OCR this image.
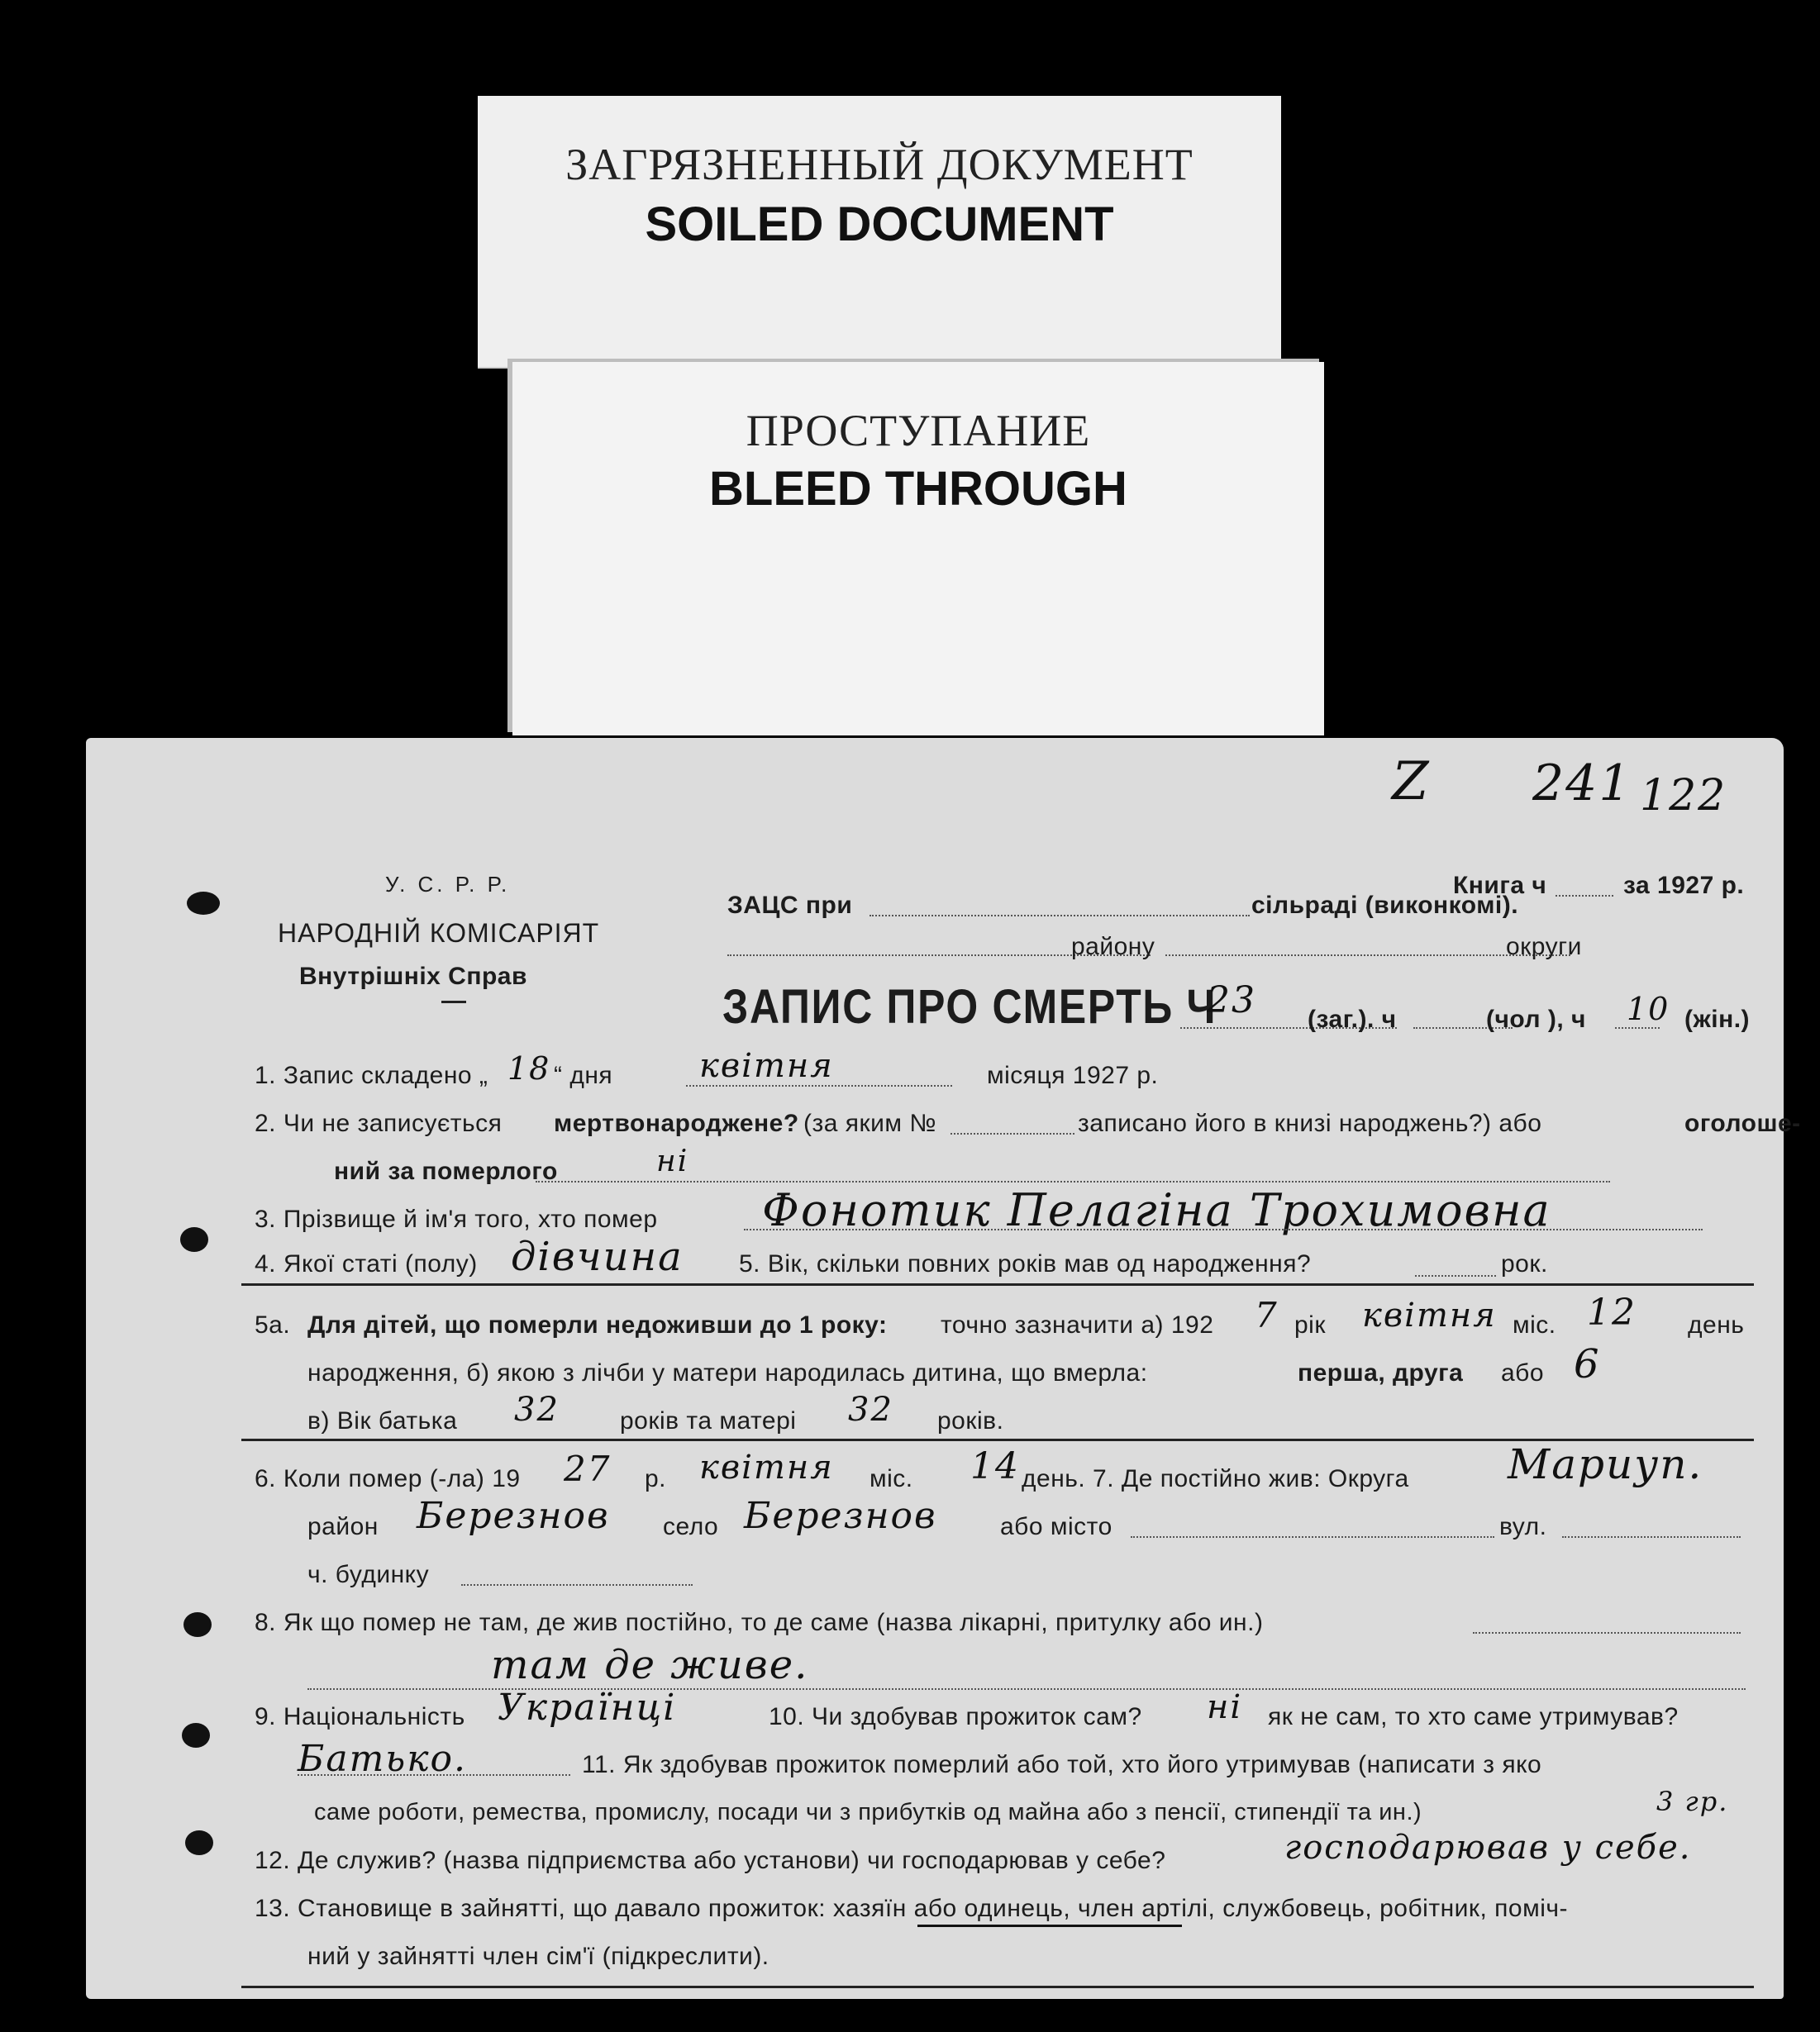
ЗАГРЯЗНЕННЫЙ ДОКУМЕНТ
SOILED DOCUMENT
ПРОСТУПАНИЕ
BLEED THROUGH
Z 241 122
У. С. Р. Р.
НАРОДНІЙ КОМІСАРІЯТ
Внутрішніх Справ
ЗАЦС при	сільраді (виконкомі).
Книга ч	за 1927 р.
району	округи
ЗАПИС ПРО СМЕРТЬ Ч
23 (заг.). ч	(чол ), ч 10 (жін.)
1. Запис складено „ 18 “ дня	квітня	місяця 1927 р.
2. Чи не записується мертвонароджене? (за яким №	записано його в книзі народжень?) або	оголоше-
ний за померлого	ні
3. Прізвище й ім'я того, хто помер Фонотик Пелагіна Трохимовна
4. Якої статі (полу) дівчина 5. Вік, скільки повних років мав од народження?	рок.
5а. Для дітей, що померли недоживши до 1 року: точно зазначити а) 192 7 рік квітня міс. 12 день
народження, б) якою з лічби у матери народилась дитина, що вмерла:	перша, друга або 6
в) Вік батька 32 років та матері 32 років.
6. Коли помер (-ла) 19 27 р. квітня міс. 14 день. 7. Де постійно жив: Округа Мариуп.
район Березнов село Березнов	або місто	вул.
ч. будинку
8. Як що помер не там, де жив постійно, то де саме (назва лікарні, притулку або ин.)
там де живе.
9. Національність Українці	10. Чи здобував прожиток сам? ні як не сам, то хто саме утримував?
Батько.	11. Як здобував прожиток померлий або той, хто його утримував (написати з яко
саме роботи, ремества, промислу, посади чи з прибутків од майна або з пенсії, стипендії та ин.)	3 гр.
12. Де служив? (назва підприємства або установи) чи господарював у себе?	господарював у себе.
13. Становище в зайнятті, що давало прожиток: хазяїн або одинець, член артілі, службовець, робітник, поміч-
ний у зайнятті член сім'ї (підкреслити).
